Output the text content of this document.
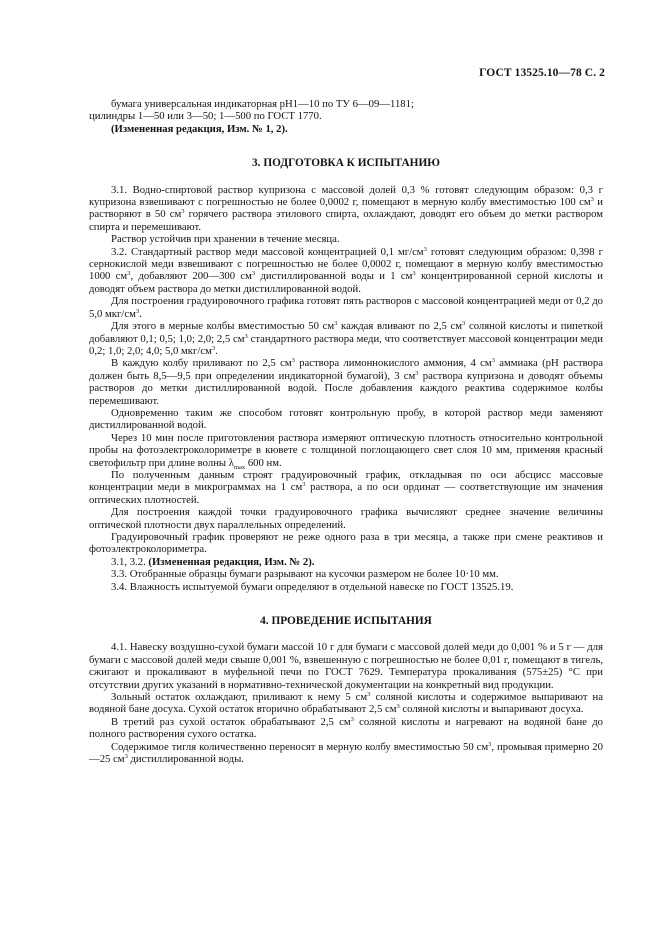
ГОСТ 13525.10—78 С. 2

бумага универсальная индикаторная рН1—10 по ТУ 6—09—1181;
цилиндры 1—50 или 3—50; 1—500 по ГОСТ 1770.

(Измененная редакция, Изм. № 1, 2).

3. ПОДГОТОВКА К ИСПЫТАНИЮ

3.1. Водно-спиртовой раствор купризона с массовой долей 0,3 % готовят следующим образом: 0,3 г купризона взвешивают с погрешностью не более 0,0002 г, помещают в мерную колбу вместимостью 100 $см^3$ и растворяют в 50 $см^3$ горячего раствора этилового спирта, охлаждают, доводят его объем до метки раствором спирта и перемешивают.

Раствор устойчив при хранении в течение месяца.

3.2. Стандартный раствор меди массовой концентрацией 0,1 $мг/см^3$ готовят следующим образом: 0,398 г сернокислой меди взвешивают с погрешностью не более 0,0002 г, помещают в мерную колбу вместимостью 1000 $см^3$, добавляют 200—300 $см^3$ дистиллированной воды и 1 $см^3$ концентрированной серной кислоты и доводят объем раствора до метки дистиллированной водой.

Для построения градуировочного графика готовят пять растворов с массовой концентрацией меди от 0,2 до 5,0 мкг/$см^3$.

Для этого в мерные колбы вместимостью 50 $см^3$ каждая вливают по 2,5 $см^3$ соляной кислоты и пипеткой добавляют 0,1; 0,5; 1,0; 2,0; 2,5 $см^3$ стандартного раствора меди, что соответствует массовой концентрации меди 0,2; 1,0; 2,0; 4,0; 5,0 мкг/$см^3$.

В каждую колбу приливают по 2,5 $см^3$ раствора лимоннокислого аммония, 4 $см^3$ аммиака (рН раствора должен быть 8,5—9,5 при определении индикаторной бумагой), 3 $см^3$ раствора купризона и доводят объемы растворов до метки дистиллированной водой. После добавления каждого реактива содержимое колбы перемешивают.

Одновременно таким же способом готовят контрольную пробу, в которой раствор меди заменяют дистиллированной водой.

Через 10 мин после приготовления раствора измеряют оптическую плотность относительно контрольной пробы на фотоэлектроколориметре в кювете с толщиной поглощающего свет слоя 10 мм, применяя красный светофильтр при длине волны $\lambda_{max}$ 600 нм.

По полученным данным строят градуировочный график, откладывая по оси абсцисс массовые концентрации меди в микрограммах на 1 $см^3$ раствора, а по оси ординат — соответствующие им значения оптических плотностей.

Для построения каждой точки градуировочного графика вычисляют среднее значение величины оптической плотности двух параллельных определений.

Градуировочный график проверяют не реже одного раза в три месяца, а также при смене реактивов и фотоэлектроколориметра.

3.1, 3.2. (Измененная редакция, Изм. № 2).

3.3. Отобранные образцы бумаги разрывают на кусочки размером не более 10·10 мм.

3.4. Влажность испытуемой бумаги определяют в отдельной навеске по ГОСТ 13525.19.

4. ПРОВЕДЕНИЕ ИСПЫТАНИЯ

4.1. Навеску воздушно-сухой бумаги массой 10 г для бумаги с массовой долей меди до 0,001 % и 5 г — для бумаги с массовой долей меди свыше 0,001 %, взвешенную с погрешностью не более 0,01 г, помещают в тигель, сжигают и прокаливают в муфельной печи по ГОСТ 7629. Температура прокаливания (575±25) °С при отсутствии других указаний в нормативно-технической документации на конкретный вид продукции.

Зольный остаток охлаждают, приливают к нему 5 $см^3$ соляной кислоты и содержимое выпаривают на водяной бане досуха. Сухой остаток вторично обрабатывают 2,5 $см^3$ соляной кислоты и выпаривают досуха.

В третий раз сухой остаток обрабатывают 2,5 $см^3$ соляной кислоты и нагревают на водяной бане до полного растворения сухого остатка.

Содержимое тигля количественно переносят в мерную колбу вместимостью 50 $см^3$, промывая примерно 20—25 $см^3$ дистиллированной воды.
